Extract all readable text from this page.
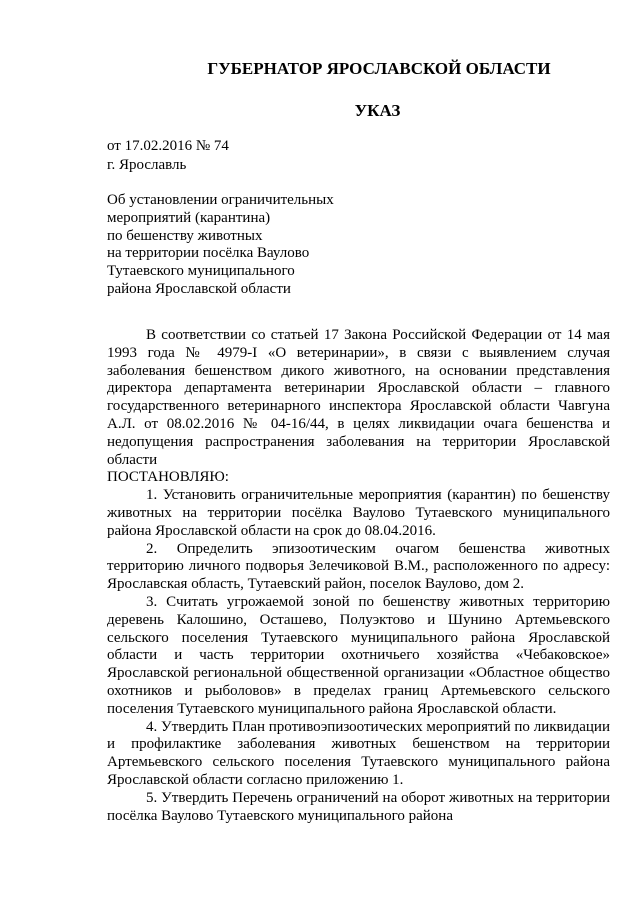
ГУБЕРНАТОР ЯРОСЛАВСКОЙ ОБЛАСТИ
УКАЗ
от 17.02.2016 № 74
г. Ярославль
Об установлении ограничительных
мероприятий (карантина)
по бешенству животных
на территории посёлка Ваулово
Тутаевского муниципального
района Ярославской области

В соответствии со статьей 17 Закона Российской Федерации от 14 мая 1993 года № 4979-I «О ветеринарии», в связи с выявлением случая заболевания бешенством дикого животного, на основании представления директора департамента ветеринарии Ярославской области – главного государственного ветеринарного инспектора Ярославской области Чавгуна А.Л. от 08.02.2016 № 04-16/44, в целях ликвидации очага бешенства и недопущения распространения заболевания на территории Ярославской области

ПОСТАНОВЛЯЮ:

1. Установить ограничительные мероприятия (карантин) по бешенству животных на территории посёлка Ваулово Тутаевского муниципального района Ярославской области на срок до 08.04.2016.

2. Определить эпизоотическим очагом бешенства животных территорию личного подворья Зелечиковой В.М., расположенного по адресу: Ярославская область, Тутаевский район, поселок Ваулово, дом 2.

3. Считать угрожаемой зоной по бешенству животных территорию деревень Калошино, Осташево, Полуэктово и Шунино Артемьевского сельского поселения Тутаевского муниципального района Ярославской области и часть территории охотничьего хозяйства «Чебаковское» Ярославской региональной общественной организации «Областное общество охотников и рыболовов» в пределах границ Артемьевского сельского поселения Тутаевского муниципального района Ярославской области.

4. Утвердить План противоэпизоотических мероприятий по ликвидации и профилактике заболевания животных бешенством на территории Артемьевского сельского поселения Тутаевского муниципального района Ярославской области согласно приложению 1.

5. Утвердить Перечень ограничений на оборот животных на территории посёлка Ваулово Тутаевского муниципального района
